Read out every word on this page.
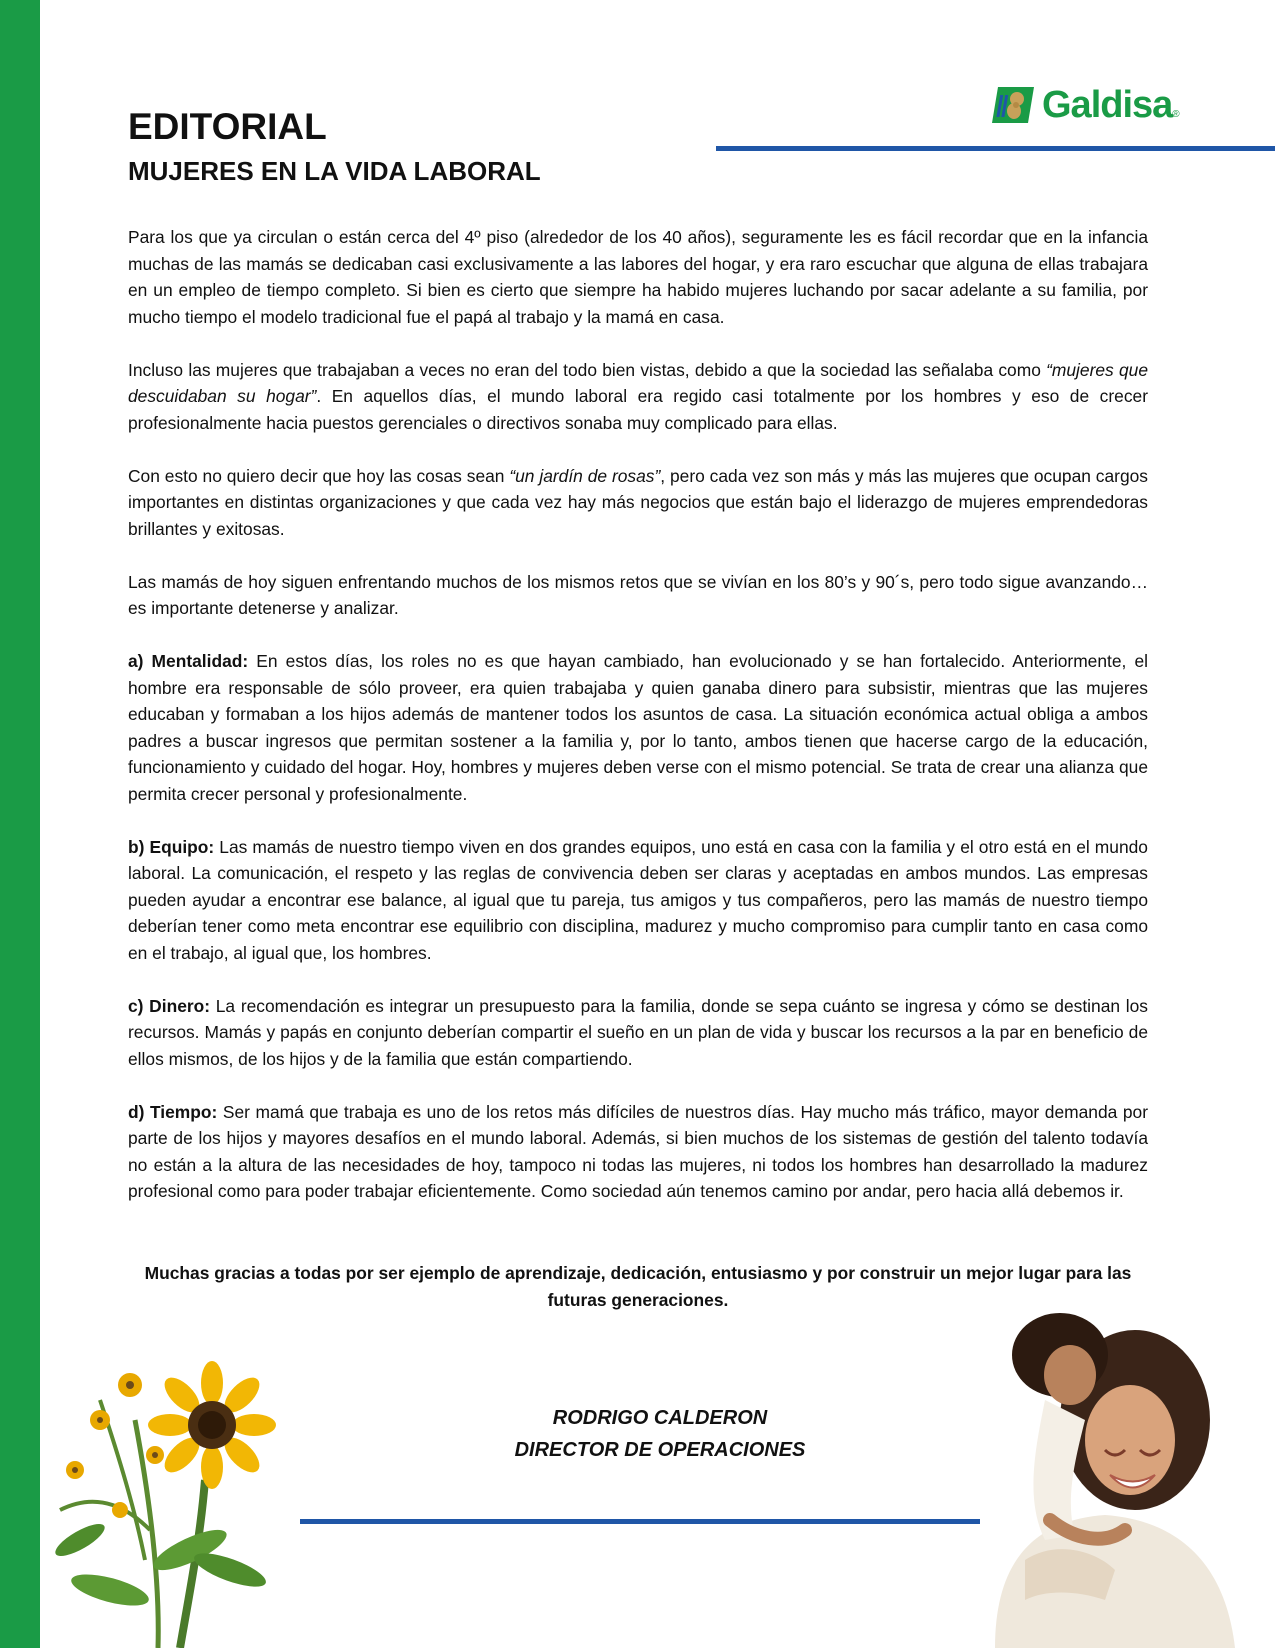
Galdisa ®
EDITORIAL
MUJERES EN LA VIDA LABORAL

Para los que ya circulan o están cerca del 4º piso (alrededor de los 40 años), seguramente les es fácil recordar que en la infancia muchas de las mamás se dedicaban casi exclusivamente a las labores del hogar, y era raro escuchar que alguna de ellas trabajara en un empleo de tiempo completo. Si bien es cierto que siempre ha habido mujeres luchando por sacar adelante a su familia, por mucho tiempo el modelo tradicional fue el papá al trabajo y la mamá en casa.

Incluso las mujeres que trabajaban a veces no eran del todo bien vistas, debido a que la sociedad las señalaba como “mujeres que descuidaban su hogar”. En aquellos días, el mundo laboral era regido casi totalmente por los hombres y eso de crecer profesionalmente hacia puestos gerenciales o directivos sonaba muy complicado para ellas.

Con esto no quiero decir que hoy las cosas sean “un jardín de rosas”, pero cada vez son más y más las mujeres que ocupan cargos importantes en distintas organizaciones y que cada vez hay más negocios que están bajo el liderazgo de mujeres emprendedoras brillantes y exitosas.

Las mamás de hoy siguen enfrentando muchos de los mismos retos que se vivían en los 80’s y 90´s, pero todo sigue avanzando… es importante detenerse y analizar.

a) Mentalidad: En estos días, los roles no es que hayan cambiado, han evolucionado y se han fortalecido. Anteriormente, el hombre era responsable de sólo proveer, era quien trabajaba y quien ganaba dinero para subsistir, mientras que las mujeres educaban y formaban a los hijos además de mantener todos los asuntos de casa. La situación económica actual obliga a ambos padres a buscar ingresos que permitan sostener a la familia y, por lo tanto, ambos tienen que hacerse cargo de la educación, funcionamiento y cuidado del hogar. Hoy, hombres y mujeres deben verse con el mismo potencial. Se trata de crear una alianza que permita crecer personal y profesionalmente.

b) Equipo: Las mamás de nuestro tiempo viven en dos grandes equipos, uno está en casa con la familia y el otro está en el mundo laboral. La comunicación, el respeto y las reglas de convivencia deben ser claras y aceptadas en ambos mundos. Las empresas pueden ayudar a encontrar ese balance, al igual que tu pareja, tus amigos y tus compañeros, pero las mamás de nuestro tiempo deberían tener como meta encontrar ese equilibrio con disciplina, madurez y mucho compromiso para cumplir tanto en casa como en el trabajo, al igual que, los hombres.

c) Dinero: La recomendación es integrar un presupuesto para la familia, donde se sepa cuánto se ingresa y cómo se destinan los recursos. Mamás y papás en conjunto deberían compartir el sueño en un plan de vida y buscar los recursos a la par en beneficio de ellos mismos, de los hijos y de la familia que están compartiendo.

d) Tiempo: Ser mamá que trabaja es uno de los retos más difíciles de nuestros días. Hay mucho más tráfico, mayor demanda por parte de los hijos y mayores desafíos en el mundo laboral. Además, si bien muchos de los sistemas de gestión del talento todavía no están a la altura de las necesidades de hoy, tampoco ni todas las mujeres, ni todos los hombres han desarrollado la madurez profesional como para poder trabajar eficientemente. Como sociedad aún tenemos camino por andar, pero hacia allá debemos ir.

Muchas gracias a todas por ser ejemplo de aprendizaje, dedicación, entusiasmo y por construir un mejor lugar para las futuras generaciones.
RODRIGO CALDERON
DIRECTOR DE OPERACIONES
